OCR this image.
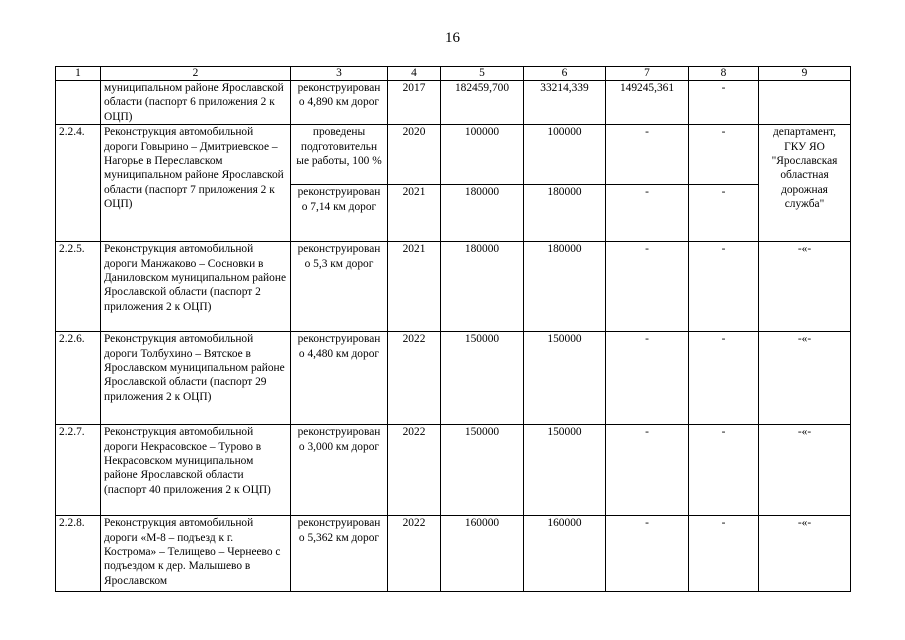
16
1	2	3	4	5	6	7	8	9
	муниципальном районе Ярославской области (паспорт 6 приложения 2 к ОЦП)	реконструирован о 4,890 км дорог	2017	182459,700	33214,339	149245,361	-	
2.2.4.	Реконструкция автомобильной дороги Говырино – Дмитриевское – Нагорье в Переславском муниципальном районе Ярославской области (паспорт 7 приложения 2 к ОЦП)	проведены подготовительн ые работы, 100 %	2020	100000	100000	-	-	департамент, ГКУ ЯО "Ярославская областная дорожная служба"
		реконструирован о 7,14 км дорог	2021	180000	180000	-	-	
2.2.5.	Реконструкция автомобильной дороги Манжаково – Сосновки в Даниловском муниципальном районе Ярославской области (паспорт 2 приложения 2 к ОЦП)	реконструирован о 5,3 км дорог	2021	180000	180000	-	-	-«-
2.2.6.	Реконструкция автомобильной дороги Толбухино – Вятское в Ярославском муниципальном районе Ярославской области (паспорт 29 приложения 2 к ОЦП)	реконструирован о 4,480 км дорог	2022	150000	150000	-	-	-«-
2.2.7.	Реконструкция автомобильной дороги Некрасовское – Турово в Некрасовском муниципальном районе Ярославской области (паспорт 40 приложения 2 к ОЦП)	реконструирован о 3,000 км дорог	2022	150000	150000	-	-	-«-
2.2.8.	Реконструкция автомобильной дороги «М-8 – подъезд к г. Кострома» – Телищево – Чернеево с подъездом к дер. Малышево в Ярославском	реконструирован о 5,362 км дорог	2022	160000	160000	-	-	-«-
